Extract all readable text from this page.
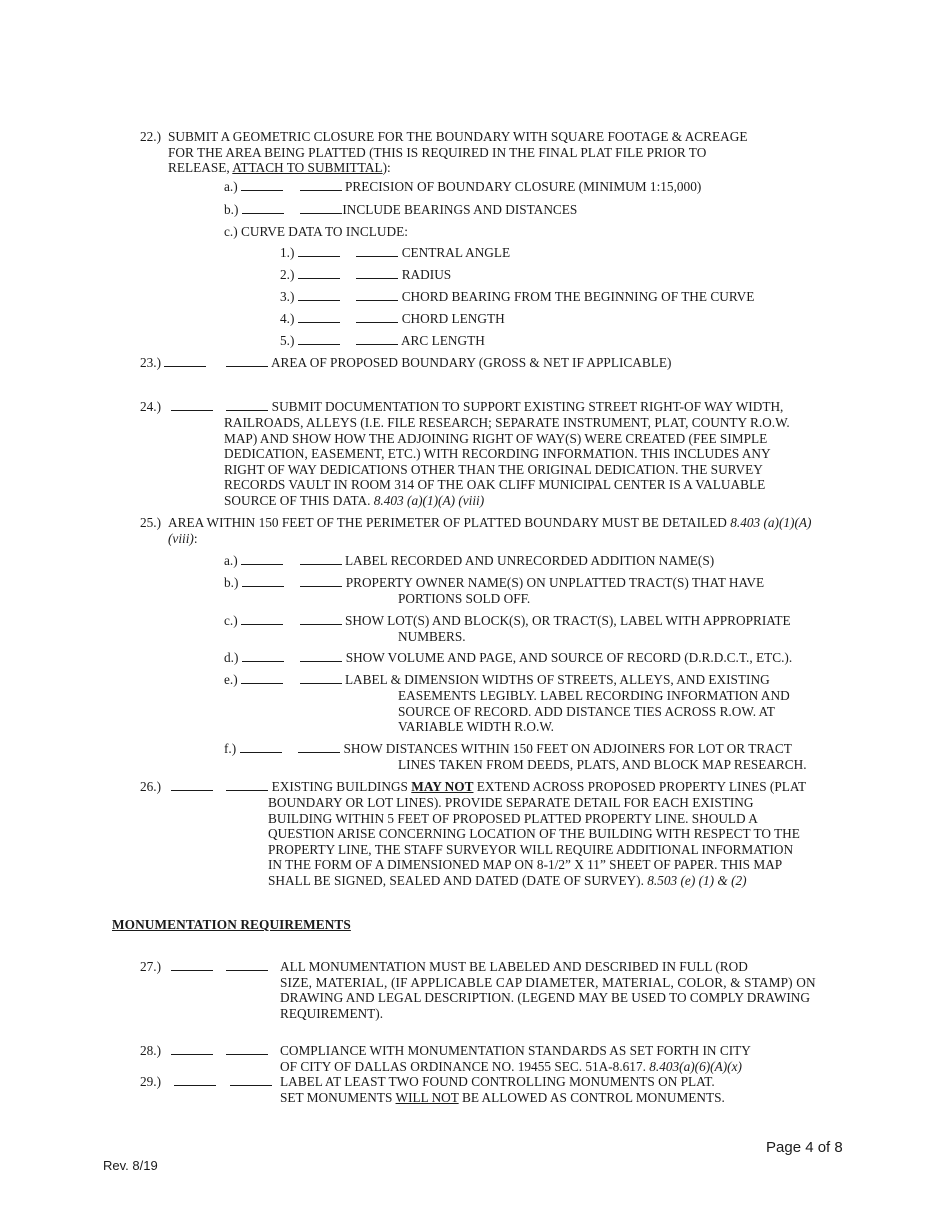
22.) SUBMIT A GEOMETRIC CLOSURE FOR THE BOUNDARY WITH SQUARE FOOTAGE & ACREAGE
FOR THE AREA BEING PLATTED (THIS IS REQUIRED IN THE FINAL PLAT FILE PRIOR TO
RELEASE, ATTACH TO SUBMITTAL):
a.)	PRECISION OF BOUNDARY CLOSURE (MINIMUM 1:15,000)
b.)	INCLUDE BEARINGS AND DISTANCES
c.) CURVE DATA TO INCLUDE:
1.)	CENTRAL ANGLE
2.)	RADIUS
3.)	CHORD BEARING FROM THE BEGINNING OF THE CURVE
4.)	CHORD LENGTH
5.)	ARC LENGTH
23.)	AREA OF PROPOSED BOUNDARY (GROSS & NET IF APPLICABLE)
24.)	SUBMIT DOCUMENTATION TO SUPPORT EXISTING STREET RIGHT-OF WAY WIDTH,
RAILROADS, ALLEYS (I.E. FILE RESEARCH; SEPARATE INSTRUMENT, PLAT, COUNTY R.O.W.
MAP) AND SHOW HOW THE ADJOINING RIGHT OF WAY(S) WERE CREATED (FEE SIMPLE
DEDICATION, EASEMENT, ETC.) WITH RECORDING INFORMATION. THIS INCLUDES ANY
RIGHT OF WAY DEDICATIONS OTHER THAN THE ORIGINAL DEDICATION. THE SURVEY
RECORDS VAULT IN ROOM 314 OF THE OAK CLIFF MUNICIPAL CENTER IS A VALUABLE
SOURCE OF THIS DATA. 8.403 (a)(1)(A) (viii)
25.) AREA WITHIN 150 FEET OF THE PERIMETER OF PLATTED BOUNDARY MUST BE DETAILED 8.403 (a)(1)(A)
(viii):
a.)	LABEL RECORDED AND UNRECORDED ADDITION NAME(S)
b.)	PROPERTY OWNER NAME(S) ON UNPLATTED TRACT(S) THAT HAVE
PORTIONS SOLD OFF.
c.)	SHOW LOT(S) AND BLOCK(S), OR TRACT(S), LABEL WITH APPROPRIATE
NUMBERS.
d.)	SHOW VOLUME AND PAGE, AND SOURCE OF RECORD (D.R.D.C.T., ETC.).
e.)	LABEL & DIMENSION WIDTHS OF STREETS, ALLEYS, AND EXISTING
EASEMENTS LEGIBLY. LABEL RECORDING INFORMATION AND
SOURCE OF RECORD. ADD DISTANCE TIES ACROSS R.OW. AT
VARIABLE WIDTH R.O.W.
f.)	SHOW DISTANCES WITHIN 150 FEET ON ADJOINERS FOR LOT OR TRACT
LINES TAKEN FROM DEEDS, PLATS, AND BLOCK MAP RESEARCH.
26.)	EXISTING BUILDINGS MAY NOT EXTEND ACROSS PROPOSED PROPERTY LINES (PLAT
BOUNDARY OR LOT LINES). PROVIDE SEPARATE DETAIL FOR EACH EXISTING
BUILDING WITHIN 5 FEET OF PROPOSED PLATTED PROPERTY LINE. SHOULD A
QUESTION ARISE CONCERNING LOCATION OF THE BUILDING WITH RESPECT TO THE
PROPERTY LINE, THE STAFF SURVEYOR WILL REQUIRE ADDITIONAL INFORMATION
IN THE FORM OF A DIMENSIONED MAP ON 8-1/2” X 11” SHEET OF PAPER. THIS MAP
SHALL BE SIGNED, SEALED AND DATED (DATE OF SURVEY). 8.503 (e) (1) & (2)
MONUMENTATION REQUIREMENTS
27.)	ALL MONUMENTATION MUST BE LABELED AND DESCRIBED IN FULL (ROD
SIZE, MATERIAL, (IF APPLICABLE CAP DIAMETER, MATERIAL, COLOR, & STAMP) ON
DRAWING AND LEGAL DESCRIPTION. (LEGEND MAY BE USED TO COMPLY DRAWING
REQUIREMENT).
28.)	COMPLIANCE WITH MONUMENTATION STANDARDS AS SET FORTH IN CITY
OF CITY OF DALLAS ORDINANCE NO. 19455 SEC. 51A-8.617. 8.403(a)(6)(A)(x)
29.)	LABEL AT LEAST TWO FOUND CONTROLLING MONUMENTS ON PLAT.
SET MONUMENTS WILL NOT BE ALLOWED AS CONTROL MONUMENTS.
Page 4 of 8
Rev. 8/19
